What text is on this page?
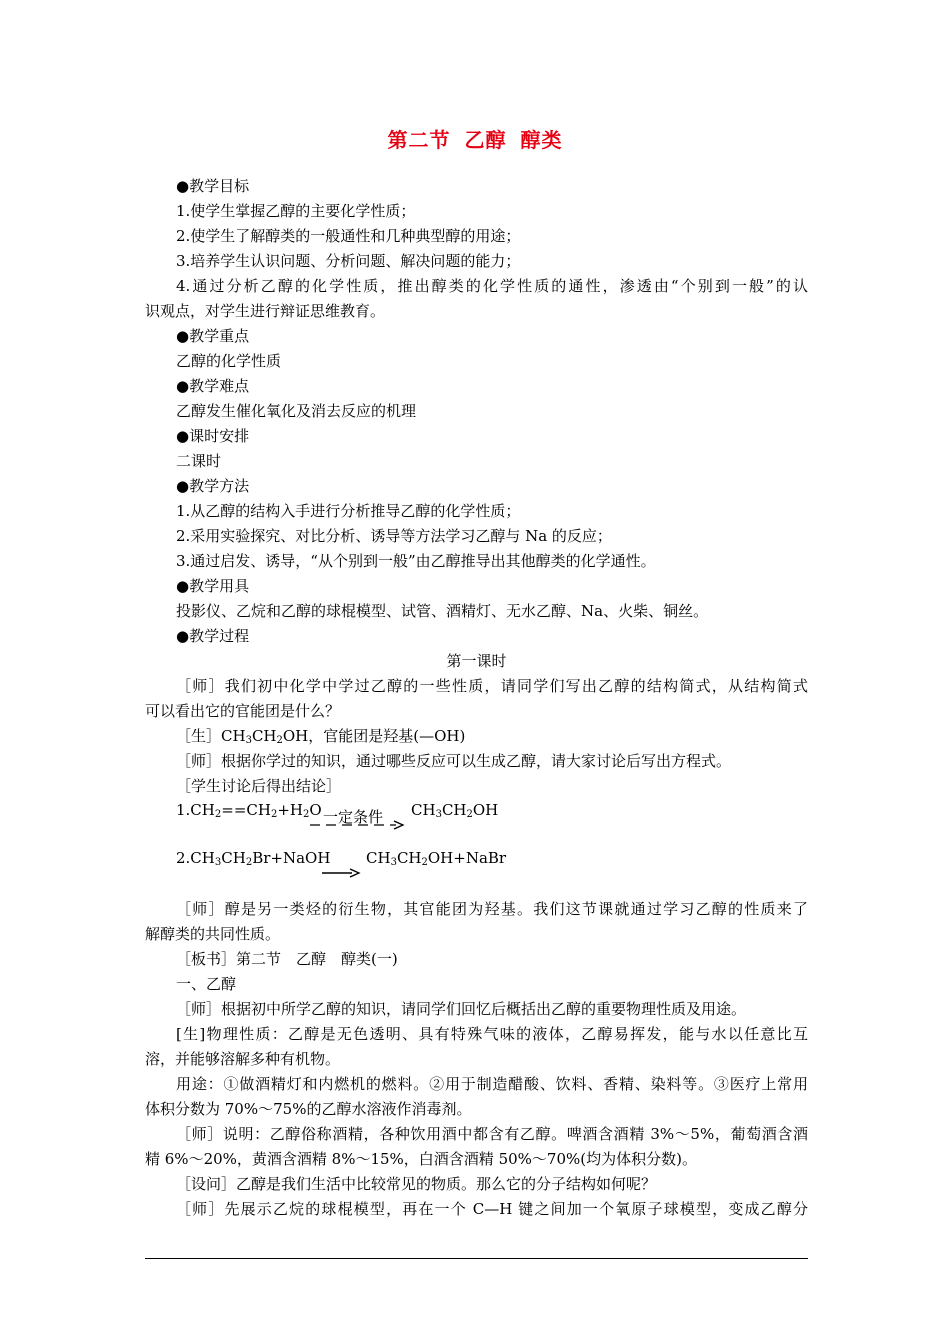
第二节 乙醇 醇类
●教学目标
1.使学生掌握乙醇的主要化学性质；
2.使学生了解醇类的一般通性和几种典型醇的用途；
3.培养学生认识问题、分析问题、解决问题的能力；
4.通过分析乙醇的化学性质，推出醇类的化学性质的通性，渗透由“个别到一般”的认
识观点，对学生进行辩证思维教育。
●教学重点
乙醇的化学性质
●教学难点
乙醇发生催化氧化及消去反应的机理
●课时安排
二课时
●教学方法
1.从乙醇的结构入手进行分析推导乙醇的化学性质；
2.采用实验探究、对比分析、诱导等方法学习乙醇与 Na 的反应；
3.通过启发、诱导，“从个别到一般”由乙醇推导出其他醇类的化学通性。
●教学用具
投影仪、乙烷和乙醇的球棍模型、试管、酒精灯、无水乙醇、Na、火柴、铜丝。
●教学过程
第一课时
［师］我们初中化学中学过乙醇的一些性质，请同学们写出乙醇的结构简式，从结构简式
可以看出它的官能团是什么？
［生$]CH_3CH_2OH$，官能团是羟基(—OH)
［师］根据你学过的知识，通过哪些反应可以生成乙醇，请大家讨论后写出方程式。
［学生讨论后得出结论］
$1.CH_2==CH_2+H_2O$ 一定条件 $CH_3CH_2OH$
$2.CH_3CH_2Br+NaOH$ $CH_3CH_2OH+NaBr$
［师］醇是另一类烃的衍生物，其官能团为羟基。我们这节课就通过学习乙醇的性质来了
解醇类的共同性质。
［板书］第二节　乙醇　醇类(一)
一、乙醇
［师］根据初中所学乙醇的知识，请同学们回忆后概括出乙醇的重要物理性质及用途。
[生]物理性质：乙醇是无色透明、具有特殊气味的液体，乙醇易挥发，能与水以任意比互
溶，并能够溶解多种有机物。
用途：①做酒精灯和内燃机的燃料。②用于制造醋酸、饮料、香精、染料等。③医疗上常用
体积分数为 70%～75%的乙醇水溶液作消毒剂。
［师］说明：乙醇俗称酒精，各种饮用酒中都含有乙醇。啤酒含酒精 3%～5%，葡萄酒含酒
精 6%～20%，黄酒含酒精 8%～15%，白酒含酒精 50%～70%(均为体积分数)。
［设问］乙醇是我们生活中比较常见的物质。那么它的分子结构如何呢？
［师］先展示乙烷的球棍模型，再在一个 C—H 键之间加一个氧原子球模型，变成乙醇分
